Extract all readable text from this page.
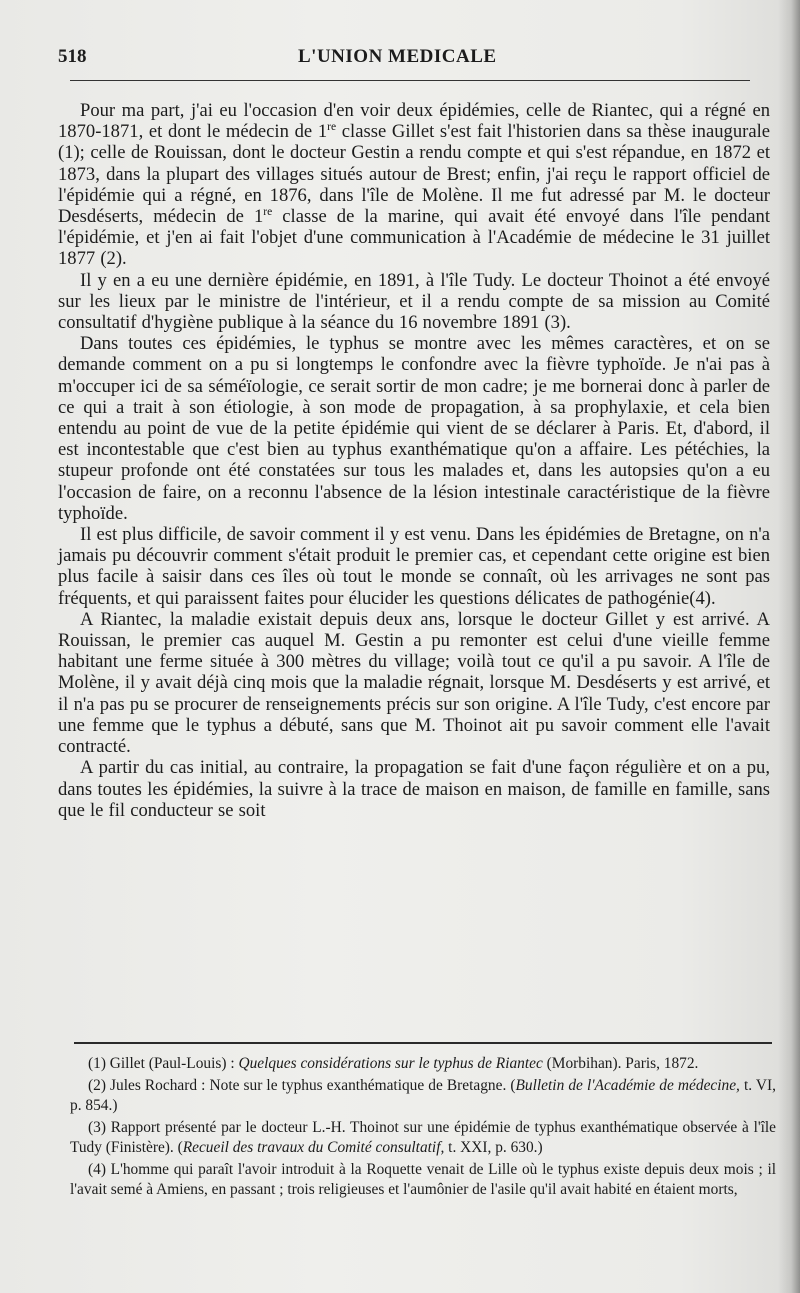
518	L'UNION MEDICALE

Pour ma part, j'ai eu l'occasion d'en voir deux épidémies, celle de Riantec, qui a régné en 1870-1871, et dont le médecin de 1re classe Gillet s'est fait l'historien dans sa thèse inaugurale (1); celle de Rouissan, dont le docteur Gestin a rendu compte et qui s'est répandue, en 1872 et 1873, dans la plupart des villages situés autour de Brest; enfin, j'ai reçu le rapport officiel de l'épidémie qui a régné, en 1876, dans l'île de Molène. Il me fut adressé par M. le docteur Desdéserts, médecin de 1re classe de la marine, qui avait été envoyé dans l'île pendant l'épidémie, et j'en ai fait l'objet d'une communication à l'Académie de médecine le 31 juillet 1877 (2).

Il y en a eu une dernière épidémie, en 1891, à l'île Tudy. Le docteur Thoinot a été envoyé sur les lieux par le ministre de l'intérieur, et il a rendu compte de sa mission au Comité consultatif d'hygiène publique à la séance du 16 novembre 1891 (3).

Dans toutes ces épidémies, le typhus se montre avec les mêmes caractères, et on se demande comment on a pu si longtemps le confondre avec la fièvre typhoïde. Je n'ai pas à m'occuper ici de sa séméïologie, ce serait sortir de mon cadre; je me bornerai donc à parler de ce qui a trait à son étiologie, à son mode de propagation, à sa prophylaxie, et cela bien entendu au point de vue de la petite épidémie qui vient de se déclarer à Paris. Et, d'abord, il est incontestable que c'est bien au typhus exanthématique qu'on a affaire. Les pétéchies, la stupeur profonde ont été constatées sur tous les malades et, dans les autopsies qu'on a eu l'occasion de faire, on a reconnu l'absence de la lésion intestinale caractéristique de la fièvre typhoïde.

Il est plus difficile, de savoir comment il y est venu. Dans les épidémies de Bretagne, on n'a jamais pu découvrir comment s'était produit le premier cas, et cependant cette origine est bien plus facile à saisir dans ces îles où tout le monde se connaît, où les arrivages ne sont pas fréquents, et qui paraissent faites pour élucider les questions délicates de pathogénie(4).

A Riantec, la maladie existait depuis deux ans, lorsque le docteur Gillet y est arrivé. A Rouissan, le premier cas auquel M. Gestin a pu remonter est celui d'une vieille femme habitant une ferme située à 300 mètres du village; voilà tout ce qu'il a pu savoir. A l'île de Molène, il y avait déjà cinq mois que la maladie régnait, lorsque M. Desdéserts y est arrivé, et il n'a pas pu se procurer de renseignements précis sur son origine. A l'île Tudy, c'est encore par une femme que le typhus a débuté, sans que M. Thoinot ait pu savoir comment elle l'avait contracté.

A partir du cas initial, au contraire, la propagation se fait d'une façon régulière et on a pu, dans toutes les épidémies, la suivre à la trace de maison en maison, de famille en famille, sans que le fil conducteur se soit

(1) Gillet (Paul-Louis) : Quelques considérations sur le typhus de Riantec (Morbihan). Paris, 1872.

(2) Jules Rochard : Note sur le typhus exanthématique de Bretagne. (Bulletin de l'Académie de médecine, t. VI, p. 854.)

(3) Rapport présenté par le docteur L.-H. Thoinot sur une épidémie de typhus exanthématique observée à l'île Tudy (Finistère). (Recueil des travaux du Comité consultatif, t. XXI, p. 630.)

(4) L'homme qui paraît l'avoir introduit à la Roquette venait de Lille où le typhus existe depuis deux mois ; il l'avait semé à Amiens, en passant ; trois religieuses et l'aumônier de l'asile qu'il avait habité en étaient morts,
